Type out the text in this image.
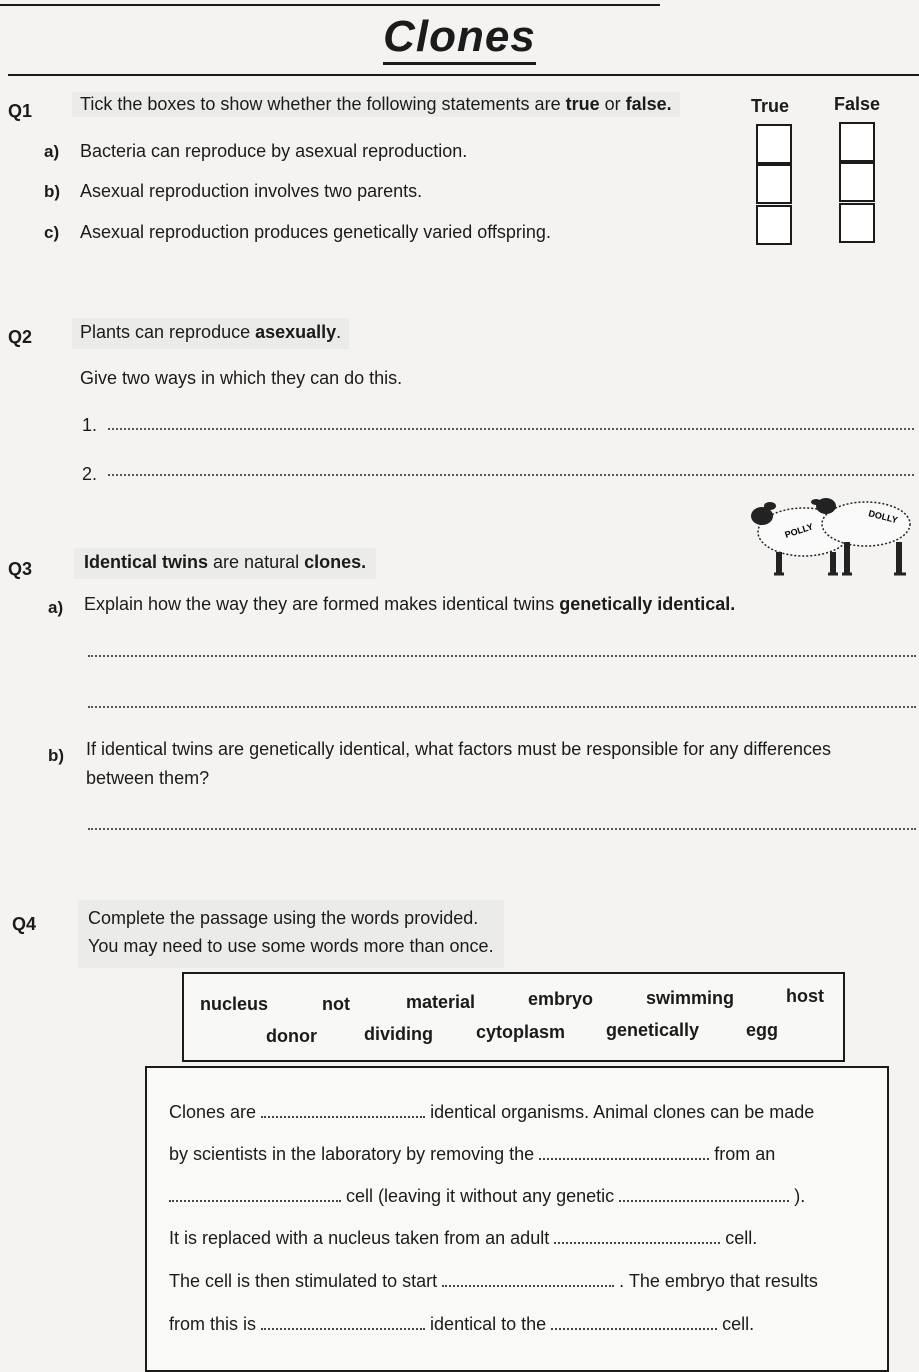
Clones
Q1	Tick the boxes to show whether the following statements are true or false.	True False
a) Bacteria can reproduce by asexual reproduction.
b) Asexual reproduction involves two parents.
c) Asexual reproduction produces genetically varied offspring.
Q2	Plants can reproduce asexually.
Give two ways in which they can do this.
1.
2.
POLLY
DOLLY
Q3	Identical twins are natural clones.
a) Explain how the way they are formed makes identical twins genetically identical.
b) If identical twins are genetically identical, what factors must be responsible for any differences
between them?
Q4	Complete the passage using the words provided.
You may need to use some words more than once.
nucleus	not	material	embryo	swimming	host
donor	dividing cytoplasm genetically	egg
Clones are	identical organisms. Animal clones can be made
by scientists in the laboratory by removing the	from an
cell (leaving it without any genetic	).
It is replaced with a nucleus taken from an adult	cell.
The cell is then stimulated to start	. The embryo that results
from this is	identical to the	cell.
